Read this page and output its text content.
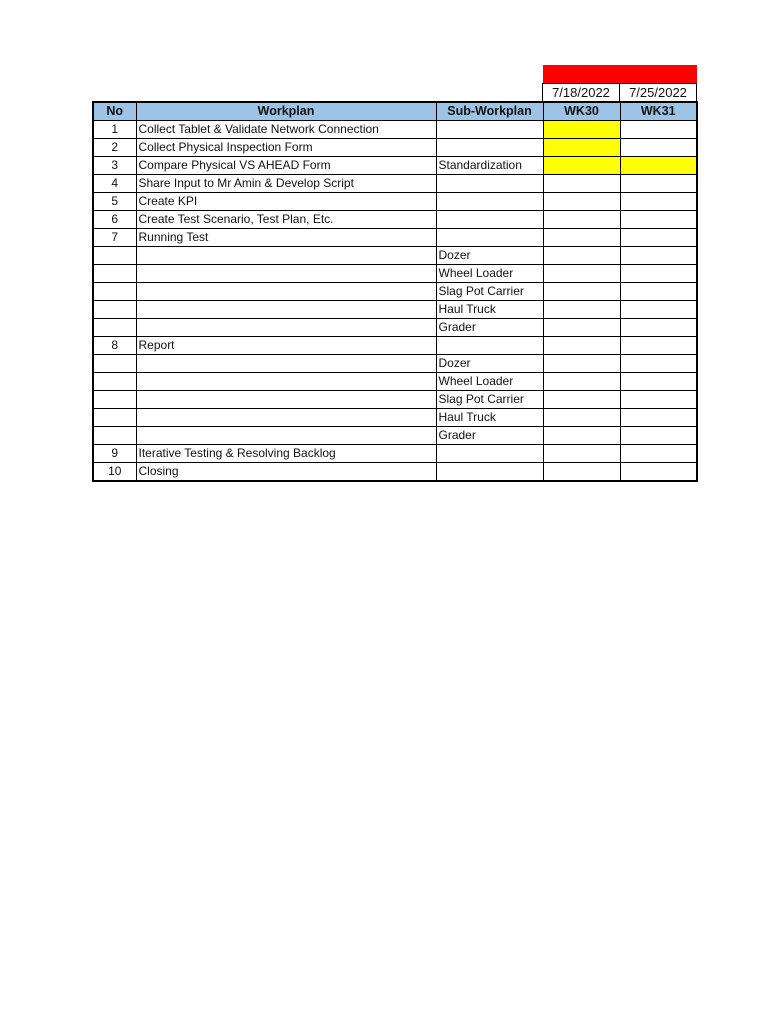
7/18/2022	7/25/2022
No	Workplan	Sub-Workplan	WK30	WK31
1	Collect Tablet & Validate Network Connection			
2	Collect Physical Inspection Form			
3	Compare Physical VS AHEAD Form	Standardization		
4	Share Input to Mr Amin & Develop Script			
5	Create KPI			
6	Create Test Scenario, Test Plan, Etc.			
7	Running Test			
		Dozer		
		Wheel Loader		
		Slag Pot Carrier		
		Haul Truck		
		Grader		
8	Report			
		Dozer		
		Wheel Loader		
		Slag Pot Carrier		
		Haul Truck		
		Grader		
9	Iterative Testing & Resolving Backlog			
10	Closing			
